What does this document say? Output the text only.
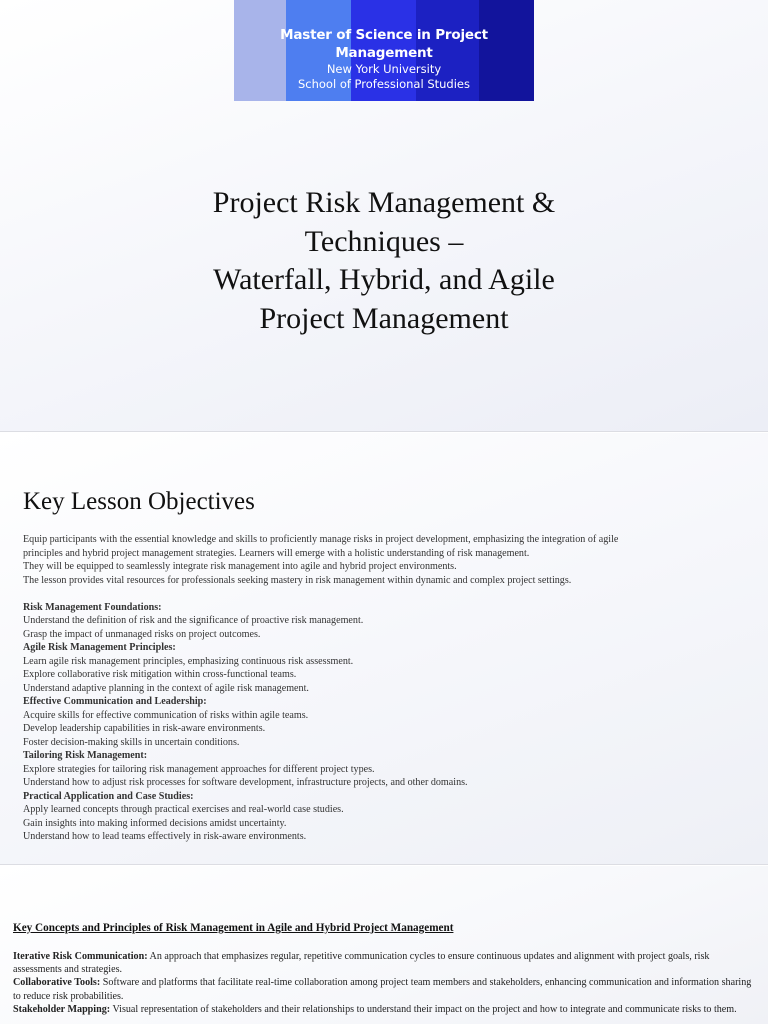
Master of Science in Project Management
New York University
School of Professional Studies
Project Risk Management &
Techniques –
Waterfall, Hybrid, and Agile
Project Management
Key Lesson Objectives
Equip participants with the essential knowledge and skills to proficiently manage risks in project development, emphasizing the integration of agile
principles and hybrid project management strategies. Learners will emerge with a holistic understanding of risk management.
They will be equipped to seamlessly integrate risk management into agile and hybrid project environments.
The lesson provides vital resources for professionals seeking mastery in risk management within dynamic and complex project settings.
Risk Management Foundations:
Understand the definition of risk and the significance of proactive risk management.
Grasp the impact of unmanaged risks on project outcomes.
Agile Risk Management Principles:
Learn agile risk management principles, emphasizing continuous risk assessment.
Explore collaborative risk mitigation within cross-functional teams.
Understand adaptive planning in the context of agile risk management.
Effective Communication and Leadership:
Acquire skills for effective communication of risks within agile teams.
Develop leadership capabilities in risk-aware environments.
Foster decision-making skills in uncertain conditions.
Tailoring Risk Management:
Explore strategies for tailoring risk management approaches for different project types.
Understand how to adjust risk processes for software development, infrastructure projects, and other domains.
Practical Application and Case Studies:
Apply learned concepts through practical exercises and real-world case studies.
Gain insights into making informed decisions amidst uncertainty.
Understand how to lead teams effectively in risk-aware environments.
Key Concepts and Principles of Risk Management in Agile and Hybrid Project Management

Iterative Risk Communication: An approach that emphasizes regular, repetitive communication cycles to ensure continuous updates and alignment with project goals, risk assessments and strategies.

Collaborative Tools: Software and platforms that facilitate real-time collaboration among project team members and stakeholders, enhancing communication and information sharing to reduce risk probabilities.

Stakeholder Mapping: Visual representation of stakeholders and their relationships to understand their impact on the project and how to integrate and communicate risks to them.
